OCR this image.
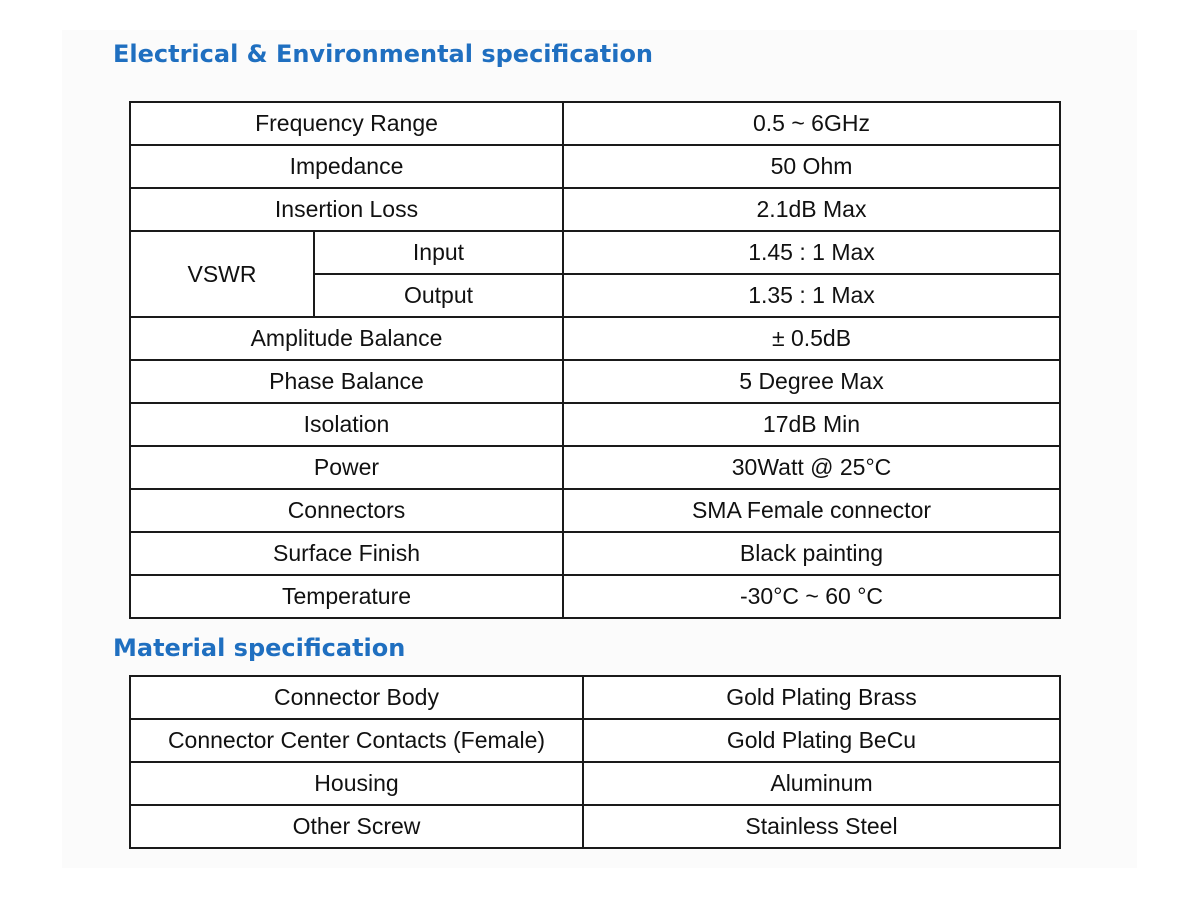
Electrical & Environmental specification
Frequency Range		0.5 ~ 6GHz
Impedance		50 Ohm
Insertion Loss		2.1dB Max
VSWR	Input	1.45 : 1 Max
	Output	1.35 : 1 Max
Amplitude Balance		± 0.5dB
Phase Balance		5 Degree Max
Isolation		17dB Min
Power		30Watt @ 25°C
Connectors		SMA Female connector
Surface Finish		Black painting
Temperature		-30°C ~ 60 °C
Material specification
Connector Body	Gold Plating Brass
Connector Center Contacts (Female)	Gold Plating BeCu
Housing	Aluminum
Other Screw	Stainless Steel
